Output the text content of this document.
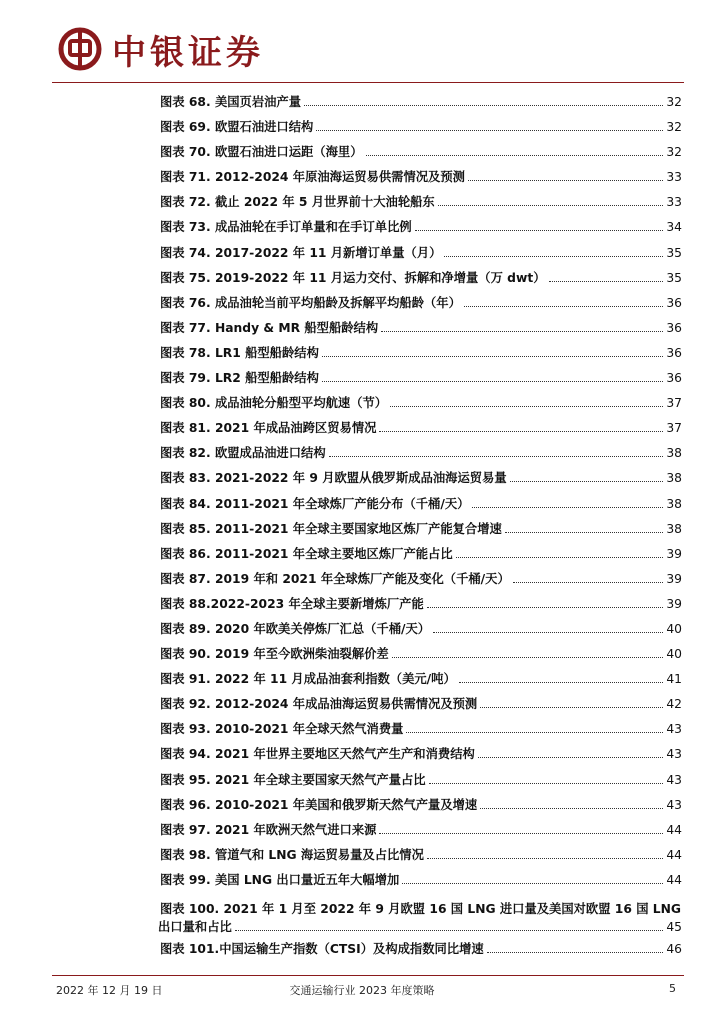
中银证券
图表 68. 美国页岩油产量	32
图表 69. 欧盟石油进口结构	32
图表 70. 欧盟石油进口运距（海里）	32
图表 71. 2012-2024 年原油海运贸易供需情况及预测	33
图表 72. 截止 2022 年 5 月世界前十大油轮船东	33
图表 73. 成品油轮在手订单量和在手订单比例	34
图表 74. 2017-2022 年 11 月新增订单量（月）	35
图表 75. 2019-2022 年 11 月运力交付、拆解和净增量（万 dwt）	35
图表 76. 成品油轮当前平均船龄及拆解平均船龄（年）	36
图表 77. Handy & MR 船型船龄结构	36
图表 78. LR1 船型船龄结构	36
图表 79. LR2 船型船龄结构	36
图表 80. 成品油轮分船型平均航速（节）	37
图表 81. 2021 年成品油跨区贸易情况	37
图表 82. 欧盟成品油进口结构	38
图表 83. 2021-2022 年 9 月欧盟从俄罗斯成品油海运贸易量	38
图表 84. 2011-2021 年全球炼厂产能分布（千桶/天）	38
图表 85. 2011-2021 年全球主要国家地区炼厂产能复合增速	38
图表 86. 2011-2021 年全球主要地区炼厂产能占比	39
图表 87. 2019 年和 2021 年全球炼厂产能及变化（千桶/天）	39
图表 88.2022-2023 年全球主要新增炼厂产能	39
图表 89. 2020 年欧美关停炼厂汇总（千桶/天）	40
图表 90. 2019 年至今欧洲柴油裂解价差	40
图表 91. 2022 年 11 月成品油套利指数（美元/吨）	41
图表 92. 2012-2024 年成品油海运贸易供需情况及预测	42
图表 93. 2010-2021 年全球天然气消费量	43
图表 94. 2021 年世界主要地区天然气产生产和消费结构	43
图表 95. 2021 年全球主要国家天然气产量占比	43
图表 96. 2010-2021 年美国和俄罗斯天然气产量及增速	43
图表 97. 2021 年欧洲天然气进口来源	44
图表 98. 管道气和 LNG 海运贸易量及占比情况	44
图表 99. 美国 LNG 出口量近五年大幅增加	44
图表 100. 2021 年 1 月至 2022 年 9 月欧盟 16 国 LNG 进口量及美国对欧盟 16 国 LNG
出口量和占比	45
图表 101.中国运输生产指数（CTSI）及构成指数同比增速	46
2022 年 12 月 19 日	交通运输行业 2023 年度策略	5
